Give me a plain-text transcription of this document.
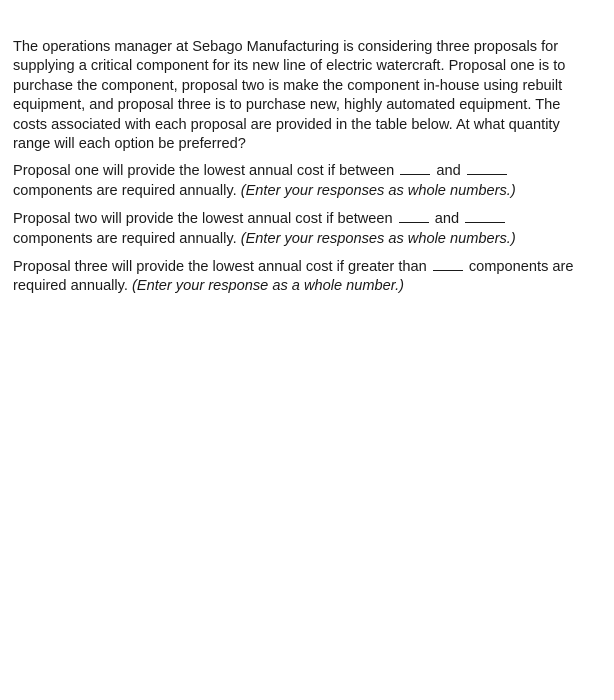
The operations manager at Sebago Manufacturing is considering three proposals for
supplying a critical component for its new line of electric watercraft. Proposal one is to
purchase the component, proposal two is make the component in-house using rebuilt
equipment, and proposal three is to purchase new, highly automated equipment. The
costs associated with each proposal are provided in the table below. At what quantity
range will each option be preferred?

Proposal one will provide the lowest annual cost if between	and
components are required annually. (Enter your responses as whole numbers.)

Proposal two will provide the lowest annual cost if between	and
components are required annually. (Enter your responses as whole numbers.)

Proposal three will provide the lowest annual cost if greater than	components are
required annually. (Enter your response as a whole number.)
